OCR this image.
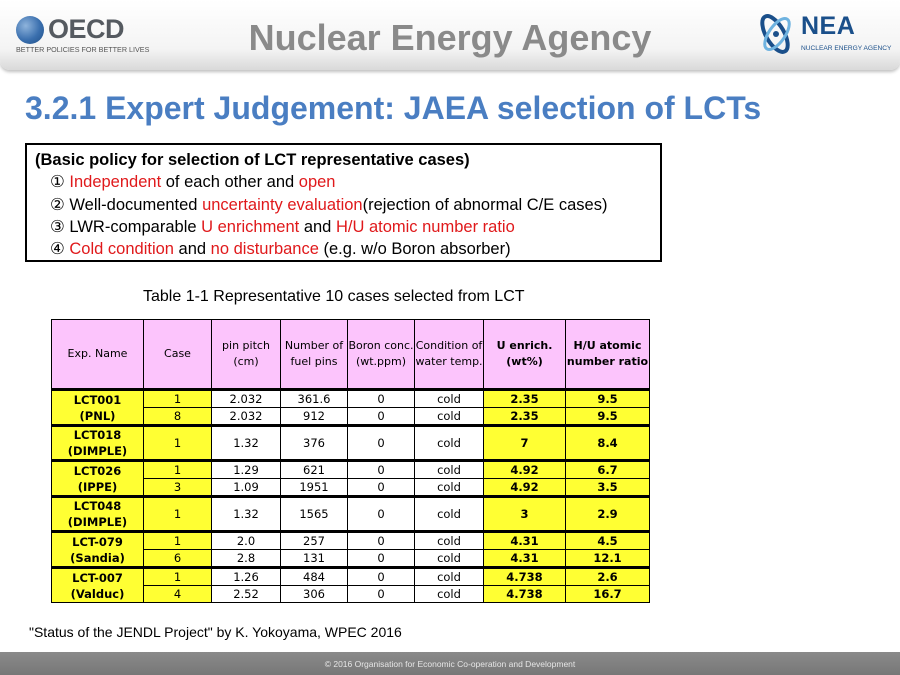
OECD
BETTER POLICIES FOR BETTER LIVES	Nuclear Energy Agency	NEA
NUCLEAR ENERGY AGENCY
3.2.1 Expert Judgement: JAEA selection of LCTs
(Basic policy for selection of LCT representative cases)
① Independent of each other and open
② Well-documented uncertainty evaluation(rejection of abnormal C/E cases)
③ LWR-comparable U enrichment and H/U atomic number ratio
④ Cold condition and no disturbance (e.g. w/o Boron absorber)
Table 1-1 Representative 10 cases selected from LCT
Exp. Name	Case	pin pitch (cm)	Number of fuel pins	Boron conc. (wt.ppm)	Condition of water temp.	U enrich. (wt%)	H/U atomic number ratio
LCT001
(PNL)	1	2.032	361.6	0	cold	2.35	9.5
	8	2.032	912	0	cold	2.35	9.5
LCT018
(DIMPLE)	1	1.32	376	0	cold	7	8.4
LCT026
(IPPE)	1	1.29	621	0	cold	4.92	6.7
	3	1.09	1951	0	cold	4.92	3.5
LCT048
(DIMPLE)	1	1.32	1565	0	cold	3	2.9
LCT-079
(Sandia)	1	2.0	257	0	cold	4.31	4.5
	6	2.8	131	0	cold	4.31	12.1
LCT-007
(Valduc)	1	1.26	484	0	cold	4.738	2.6
	4	2.52	306	0	cold	4.738	16.7
"Status of the JENDL Project" by K. Yokoyama, WPEC 2016
© 2016 Organisation for Economic Co-operation and Development
